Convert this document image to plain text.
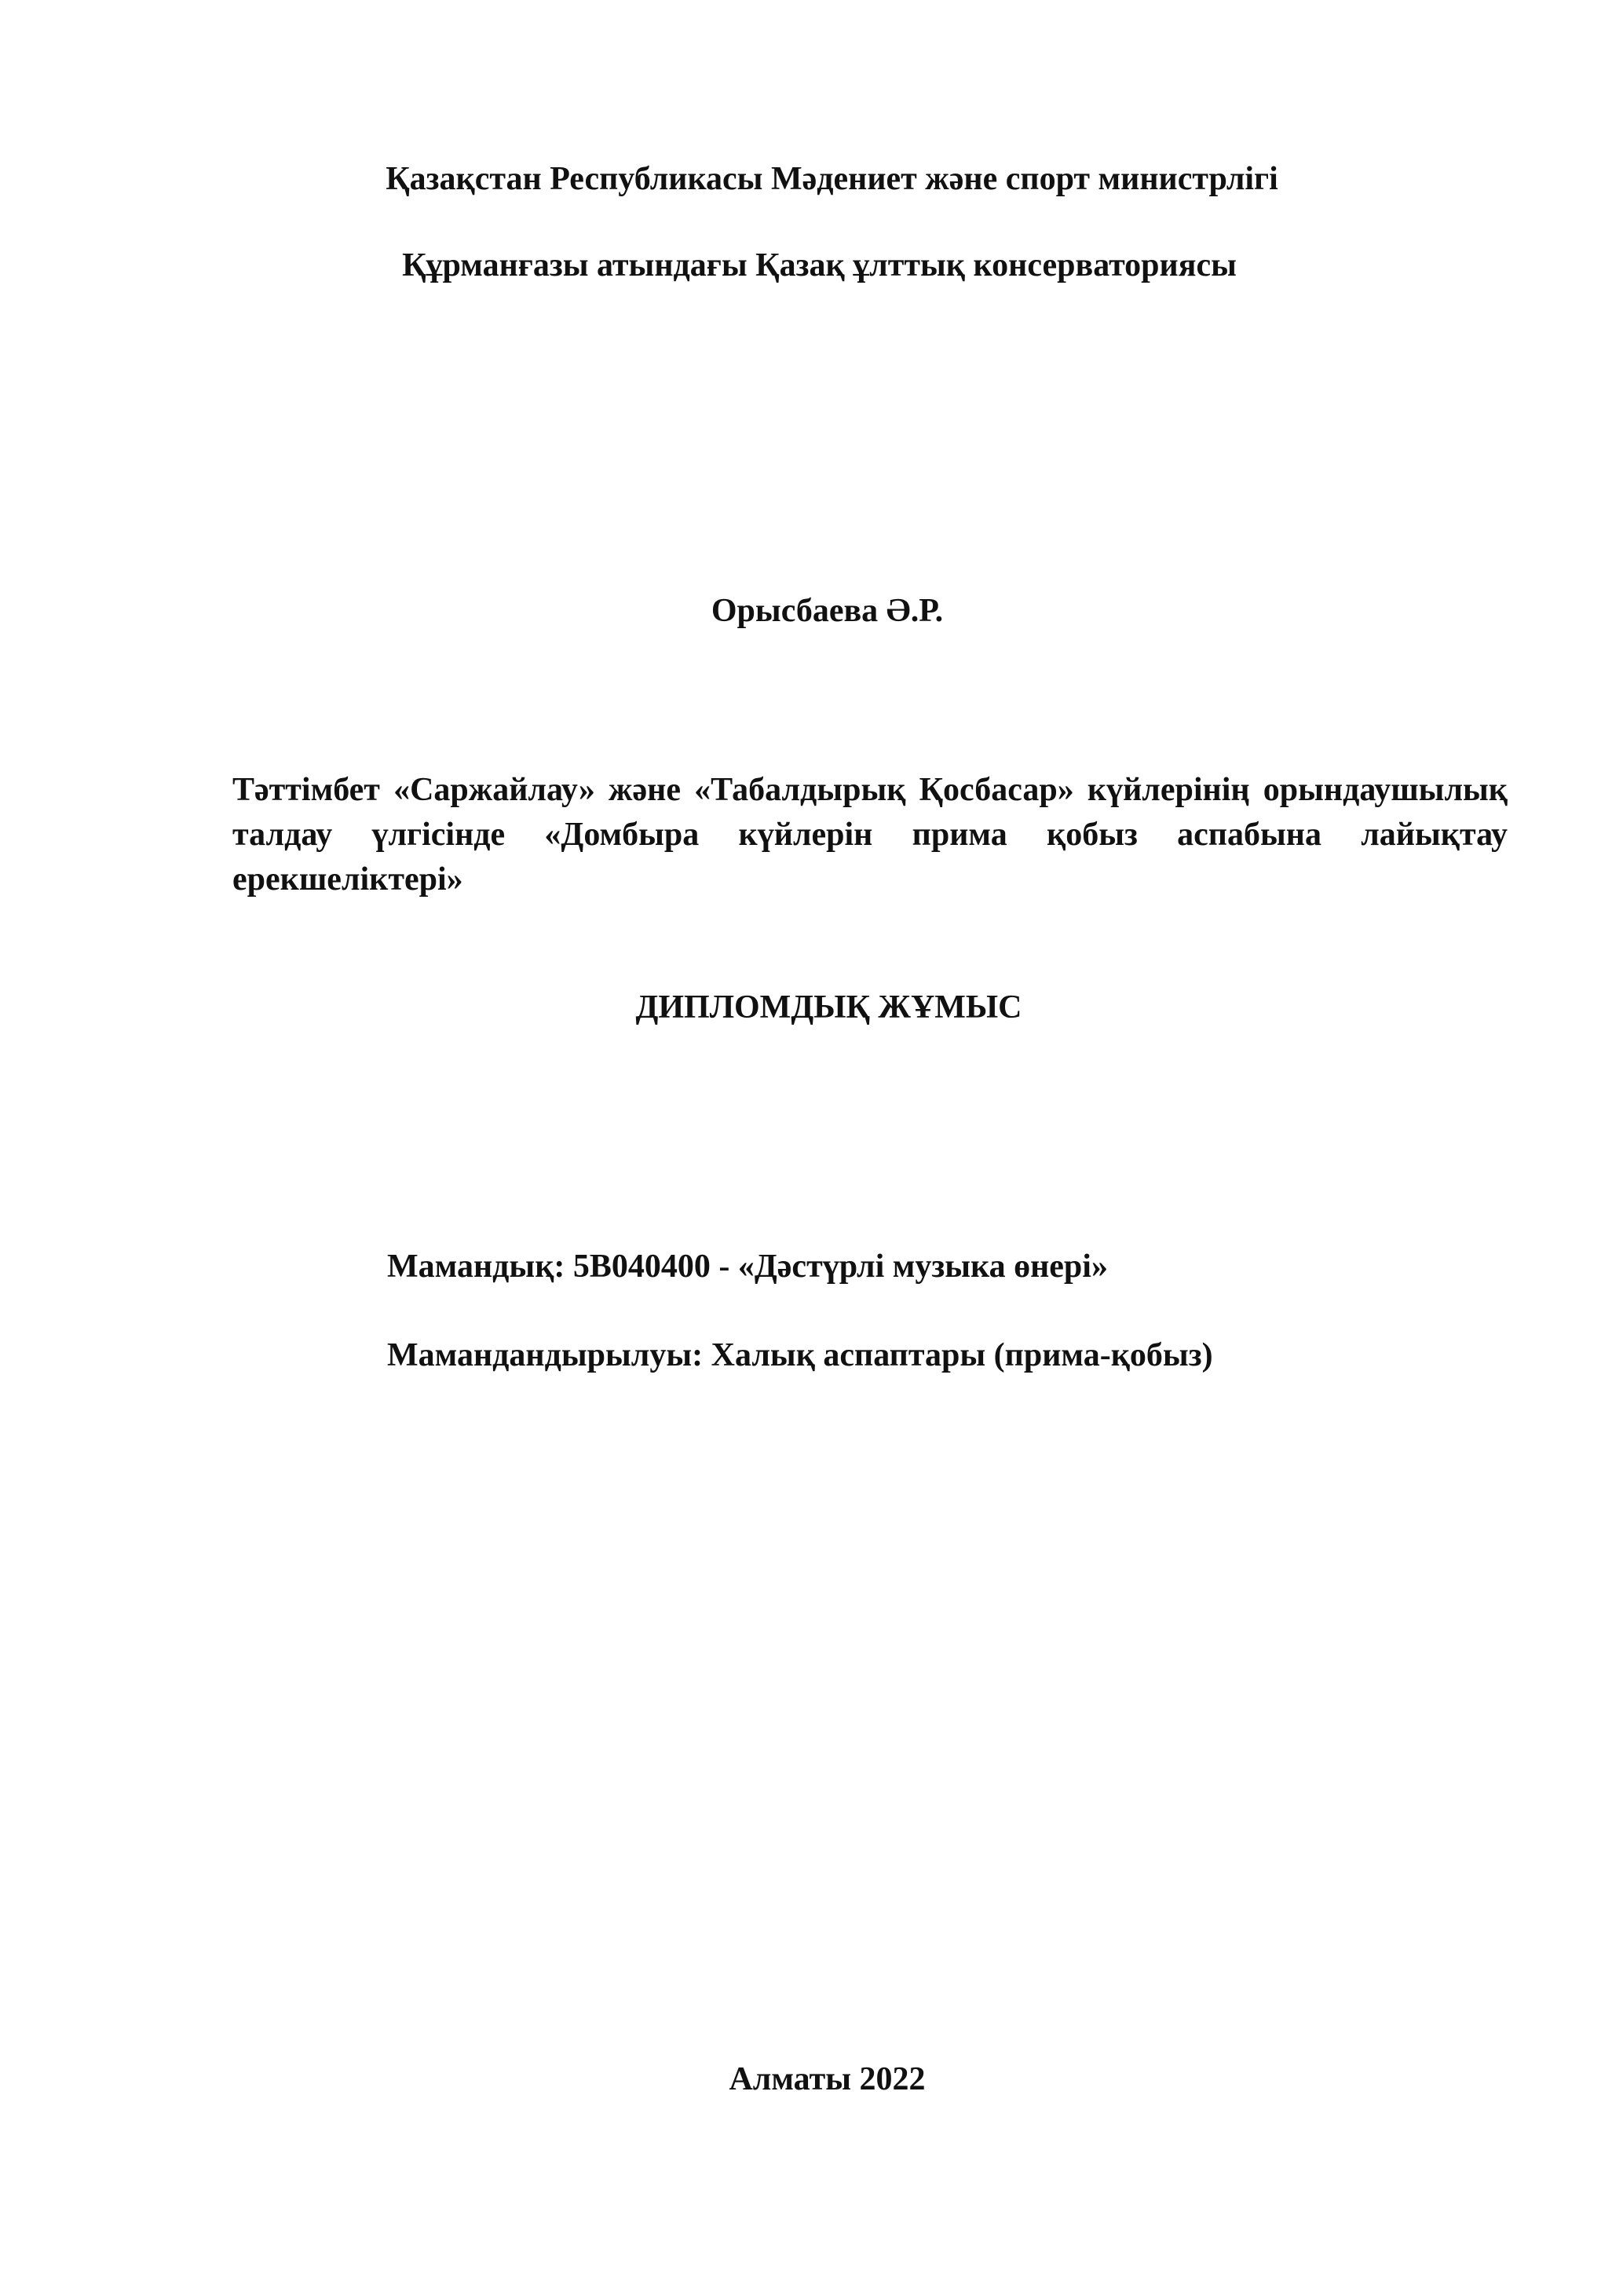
Қазақстан Республикасы Мәдениет және спорт министрлігі
Құрманғазы атындағы Қазақ ұлттық консерваториясы
Орысбаева Ә.Р.
Тәттімбет «Саржайлау» және «Табалдырық Қосбасар» күйлерінің орындаушылық талдау үлгісінде «Домбыра күйлерін прима қобыз аспабына лайықтау ерекшеліктері»
ДИПЛОМДЫҚ ЖҰМЫС
Мамандық: 5В040400 - «Дәстүрлі музыка өнері»
Мамандандырылуы: Халық аспаптары (прима-қобыз)
Алматы 2022
